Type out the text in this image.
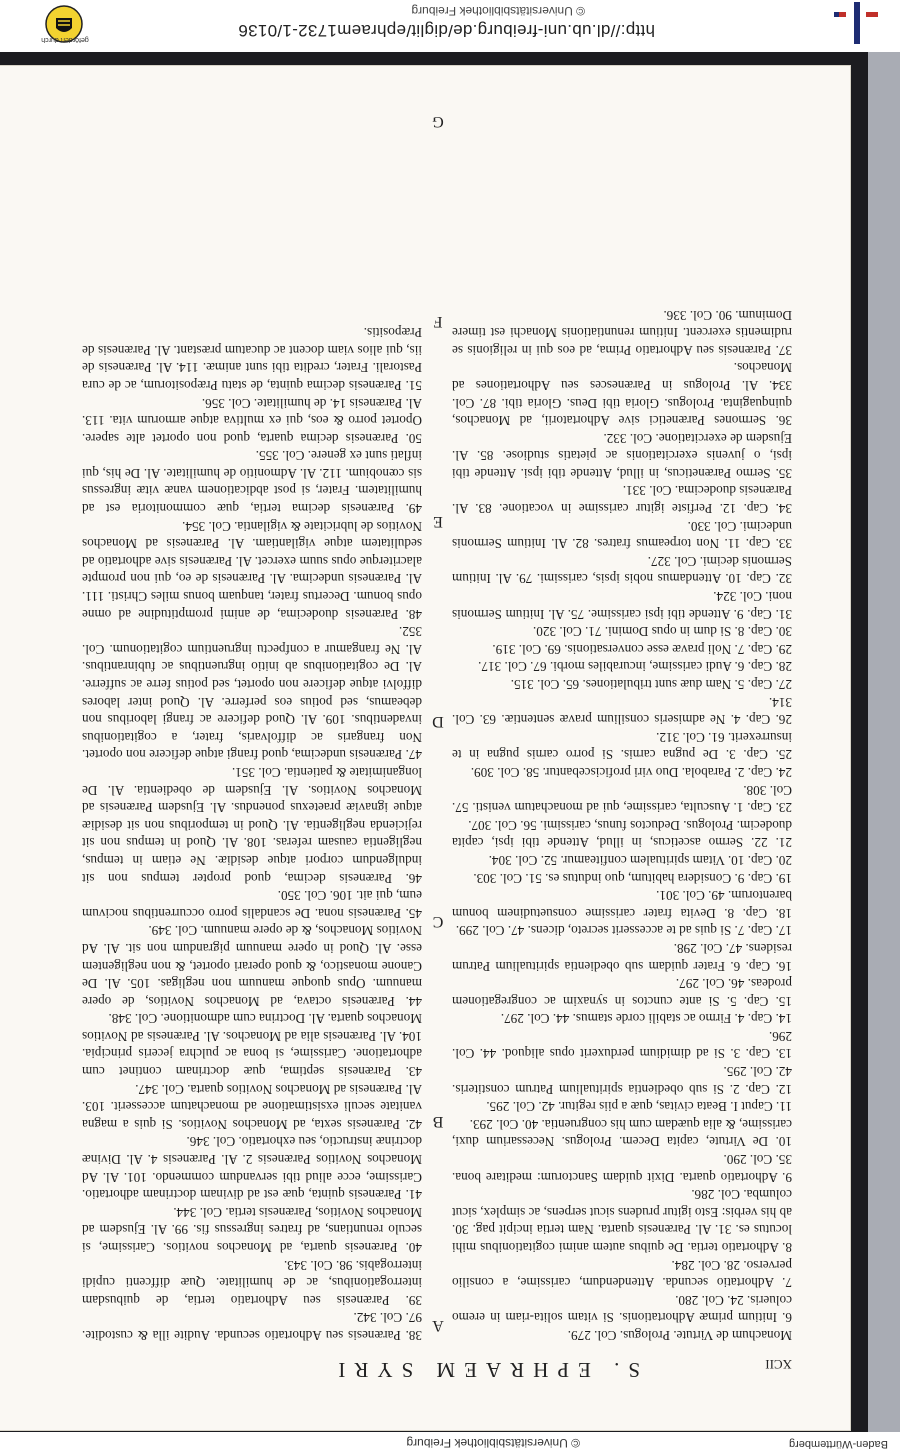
http://dl.ub.uni-freiburg.de/diglit/ephraem1732-1/0136
© Universitätsbibliothek Freiburg
gefördert durch
XCII
S. EPHRAEM SYRI

Monachum de Virtute. Prologus. Col. 279.

6. Initium primæ Adhortationis. Si vitam solita-riam in eremo colueris. 24. Col. 280.

7. Adhortatio secunda. Attendendum, carissime, a consilio perverso. 28. Col. 284.

8. Adhortatio tertia. De quibus autem animi cogitationibus mihi locutus es. 31. Al. Parænesis quarta. Nam tertia incipit pag. 30. ab his verbis: Esto igitur prudens sicut serpens, ac simplex, sicut columba. Col. 286.

9. Adhortatio quarta. Dixit quidam Sanctorum: meditare bona. 35. Col. 290.

10. De Virtute, capita Decem. Prologus. Necessarium duxi, carissime, & alia quædam cum his congruentia. 40. Col. 293.

11. Caput I. Beata civitas, quæ a piis regitur. 42. Col. 295.

12. Cap. 2. Si sub obedientia spiritualium Patrum constiteris. 42. Col. 295.

13. Cap. 3. Si ad dimidium perduxerit opus aliquod. 44. Col. 296.

14. Cap. 4. Firmo ac stabili corde stamus. 44. Col. 297.

15. Cap. 5. Si ante cunctos in synaxim ac congregationem prodeas. 46. Col. 297.

16. Cap. 6. Frater quidam sub obedientia spiritualium Patrum residens. 47. Col. 298.

17. Cap. 7. Si quis ad te accesserit secreto, dicens. 47. Col. 299.

18. Cap. 8. Devita frater carissime consuetudinem bonum barentorum. 49. Col. 301.

19. Cap. 9. Considera habitum, quo indutus es. 51. Col. 303.

20. Cap. 10. Vitam spiritualem confiteamur. 52. Col. 304.

21. 22. Sermo asceticus, in illud, Attende tibi ipsi, capita duodecim. Prologus. Deductos funus, carissimi. 56. Col. 307.

23. Cap. 1. Ausculta, carissime, qui ad monachatum venisti. 57. Col. 308.

24. Cap. 2. Parabola. Duo viri proficiscebantur. 58. Col. 309.

25. Cap. 3. De pugna carnis. Si porro carnis pugna in te insurrexerit. 61. Col. 312.

26. Cap. 4. Ne admiseris consilium pravæ sententiæ. 63. Col. 314.

27. Cap. 5. Nam duæ sunt tribulationes. 65. Col. 315.

28. Cap. 6. Audi carissime, incurabiles morbi. 67. Col. 317.

29. Cap. 7. Noli pravæ esse conversationis. 69. Col. 319.

30. Cap. 8. Si dum in opus Domini. 71. Col. 320.

31. Cap. 9. Attende tibi ipsi carissime. 75. Al. Initium Sermonis noni. Col. 324.

32. Cap. 10. Attendamus nobis ipsis, carissimi. 79. Al. Initium Sermonis decimi. Col. 327.

33. Cap. 11. Non torpeamus fratres. 82. Al. Initium Sermonis undecimi. Col. 330.

34. Cap. 12. Perfiste igitur carissime in vocatione. 83. Al. Parænesis duodecima. Col. 331.

35. Sermo Paræneticus, in illud, Attende tibi ipsi. Attende tibi ipsi, o juvenis exercitationis ac pietatis studiose. 85. Al. Ejusdem de exercitatione. Col. 332.

36. Sermones Parænetici sive Adhortatorii, ad Monachos, quinquaginta. Prologus. Gloria tibi Deus. Gloria tibi. 87. Col. 334. Al. Prologus in Parænesces seu Adhortationes ad Monachos.

37. Parænesis seu Adhortatio Prima, ad eos qui in religionis se rudimentis exercent. Initium renuntiationis Monachi est timere Dominum. 90. Col. 336.

A
B
C
D
E
F
G

38. Parænesis seu Adhortatio secunda. Audite illa & custodite. 97. Col. 342.

39. Parænesis seu Adhortatio tertia, de quibusdam interrogationibus, ac de humilitate. Quæ diffcenti cupidi interrogabis. 98. Col. 343.

40. Parænesis quarta, ad Monachos novitios. Carissime, si seculo renuntians, ad fratres ingressus fis. 99. Al. Ejusdem ad Monachos Novitios, Parænesis tertia. Col. 344.

41. Parænesis quinta, quæ est ad divinam doctrinam adhortatio. Carissime, ecce aliud tibi servandum commendo. 101. Al. Ad Monachos Novitios Parænesis 2. Al. Parænesis 4. Al. Divinæ doctrinæ instructio, seu exhortatio. Col. 346.

42. Parænesis sexta, ad Monachos Novitios. Si quis a magna vanitate seculi exsistimatione ad monachatum accesserit. 103. Al. Parænesis ad Monachos Novitios quarta. Col. 347.

43. Parænesis septima, quæ doctrinam continet cum adhortatione. Carissime, si bona ac pulchra jeceris principia. 104. Al. Parænesis alia ad Monachos. Al. Parænesis ad Novitios Monachos quarta. Al. Doctrina cum admonitione. Col. 348.

44. Parænesis octava, ad Monachos Novitios, de opere manuum. Opus quoque manuum non negligas. 105. Al. De Canone monastico, & quod operari oportet, & non negligentem esse. Al. Quod in opere manuum pigrandum non sit. Al. Ad Novitios Monachos, & de opere manuum. Col. 349.

45. Parænesis nona. De scandalis porro occurrentibus nocivum eum, qui ait. 106. Col. 350.

46. Parænesis decima, quod propter tempus non sit indulgendum corpori atque desidiæ. Ne etiam in tempus, negligentia causam referas. 108. Al. Quod in tempus non sit rejicienda negligentia. Al. Quod in temporibus non sit desidiæ atque ignaviæ praetexus ponendus. Al. Ejusdem Parænesis ad Monachos Novitios. Al. Ejusdem de obedientia. Al. De longanimitate & patientia. Col. 351.

47. Parænesis undecima, quod frangi atque deficere non oportet. Non frangaris ac diffolvaris, frater, a cogitationibus invadentibus. 109. Al. Quod deficere ac frangi laboribus non debeamus, sed potius eos perferre. Al. Quod inter labores diffolvi atque deficere non oportet, sed potius ferre ac sufferre. Al. De cogitationibus ab initio ingruentibus ac fubinrantibus. Al. Ne frangamur a confpectu ingruentium cogitationum. Col. 352.

48. Parænesis duodecima, de animi promptitudine ad omne opus bonum. Decertus frater, tanquam bonus miles Christi. 111. Al. Parænesis undecima. Al. Parænesis de eo, qui non prompte alacriterque opus suum exercet. Al. Parænesis sive adhortatio ad sedulitatem atque vigilantiam. Al. Parænesis ad Monachos Novitios de lubricitate & vigilantia. Col. 354.

49. Parænesis decima tertia, quæ commonitoria est ad humilitatem. Frater, si post abdicationem vanæ vitæ ingressus sis cœnobium. 112. Al. Admonitio de humilitate. Al. De his, qui inflati sunt ex genere. Col. 355.

50. Parænesis decima quarta, quod non oportet alte sapere. Oportet porro & eos, qui ex multiva atque armorum vita. 113. Al. Parænesis 14. de humilitate. Col. 356.

51. Parænesis decima quinta, de statu Præpositorum, ac de cura Pastorali. Frater, credita tibi sunt animæ. 114. Al. Parænesis de iis, qui alios viam docent ac ducatum præstant. Al. Parænesis de Præpositis.

Baden-Württemberg
© Universitätsbibliothek Freiburg
